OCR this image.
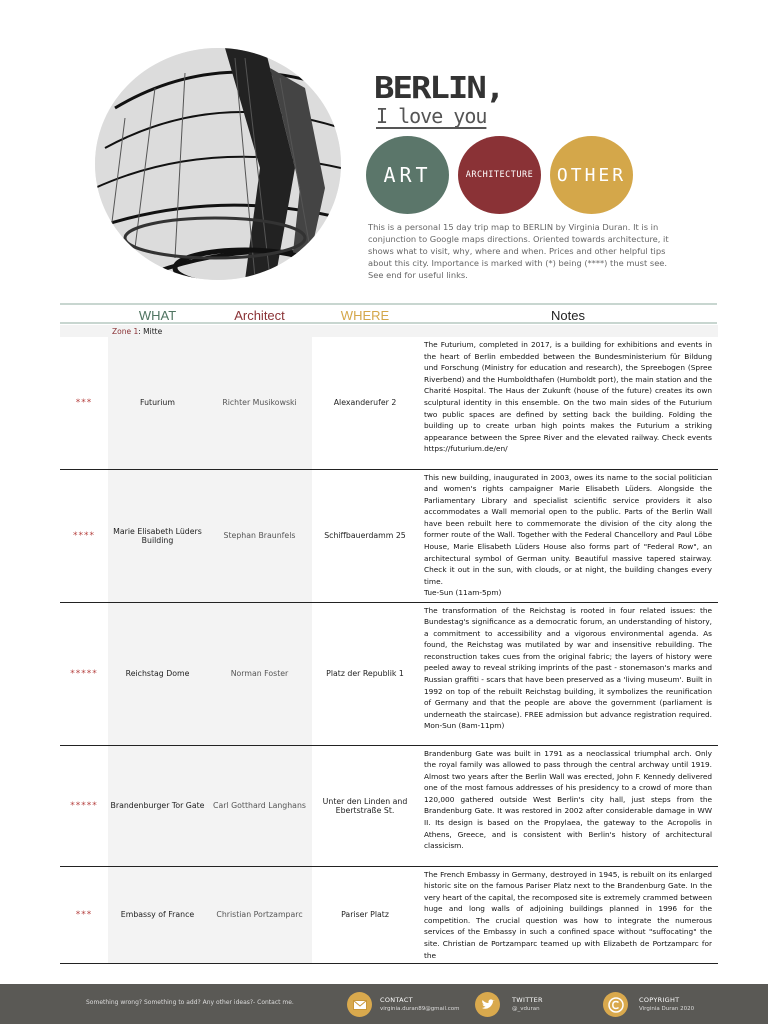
BERLIN,
I love you
ART	ARCHITECTURE	OTHER
This is a personal 15 day trip map to BERLIN by Virginia Duran. It is in conjunction to Google maps directions. Oriented towards architecture, it shows what to visit, why, where and when. Prices and other helpful tips about this city. Importance is marked with (*) being (****) the must see. See end for useful links.
	WHAT	Architect	WHERE	Notes
Zone 1: Mitte				
***	Futurium	Richter Musikowski	Alexanderufer 2	The Futurium, completed in 2017, is a building for exhibitions and events in the heart of Berlin embedded between the Bundesministerium für Bildung und Forschung (Ministry for education and research), the Spreebogen (Spree Riverbend) and the Humboldthafen (Humboldt port), the main station and the Charité Hospital. The Haus der Zukunft (house of the future) creates its own sculptural identity in this ensemble. On the two main sides of the Futurium two public spaces are defined by setting back the building. Folding the building up to create urban high points makes the Futurium a striking appearance between the Spree River and the elevated railway. Check events https://futurium.de/en/
****	Marie Elisabeth Lüders Building	Stephan Braunfels	Schiffbauerdamm 25	This new building, inaugurated in 2003, owes its name to the social politician and women's rights campaigner Marie Elisabeth Lüders. Alongside the Parliamentary Library and specialist scientific service providers it also accommodates a Wall memorial open to the public. Parts of the Berlin Wall have been rebuilt here to commemorate the division of the city along the former route of the Wall. Together with the Federal Chancellory and Paul Löbe House, Marie Elisabeth Lüders House also forms part of "Federal Row", an architectural symbol of German unity. Beautiful massive tapered stairway. Check it out in the sun, with clouds, or at night, the building changes every time.
Tue-Sun (11am-5pm)

*****	Reichstag Dome	Norman Foster	Platz der Republik 1	The transformation of the Reichstag is rooted in four related issues: the Bundestag's significance as a democratic forum, an understanding of history, a commitment to accessibility and a vigorous environmental agenda. As found, the Reichstag was mutilated by war and insensitive rebuilding. The reconstruction takes cues from the original fabric; the layers of history were peeled away to reveal striking imprints of the past - stonemason's marks and Russian graffiti - scars that have been preserved as a 'living museum'. Built in 1992 on top of the rebuilt Reichstag building, it symbolizes the reunification of Germany and that the people are above the government (parliament is underneath the staircase). FREE admission but advance registration required. Mon-Sun (8am-11pm)
*****	Brandenburger Tor Gate	Carl Gotthard Langhans	Unter den Linden and Ebertstraße St.	Brandenburg Gate was built in 1791 as a neoclassical triumphal arch. Only the royal family was allowed to pass through the central archway until 1919. Almost two years after the Berlin Wall was erected, John F. Kennedy delivered one of the most famous addresses of his presidency to a crowd of more than 120,000 gathered outside West Berlin's city hall, just steps from the Brandenburg Gate. It was restored in 2002 after considerable damage in WW II. Its design is based on the Propylaea, the gateway to the Acropolis in Athens, Greece, and is consistent with Berlin's history of architectural classicism.
***	Embassy of France	Christian Portzamparc	Pariser Platz	The French Embassy in Germany, destroyed in 1945, is rebuilt on its enlarged historic site on the famous Pariser Platz next to the Brandenburg Gate. In the very heart of the capital, the recomposed site is extremely crammed between huge and long walls of adjoining buildings planned in 1996 for the competition. The crucial question was how to integrate the numerous services of the Embassy in such a confined space without "suffocating" the site. Christian de Portzamparc teamed up with Elizabeth de Portzamparc for the
Something wrong? Something to add? Any other ideas?- Contact me.	CONTACT
virginia.duran89@gmail.com
TWITTER
@_vduran
COPYRIGHT
Virginia Duran 2020
